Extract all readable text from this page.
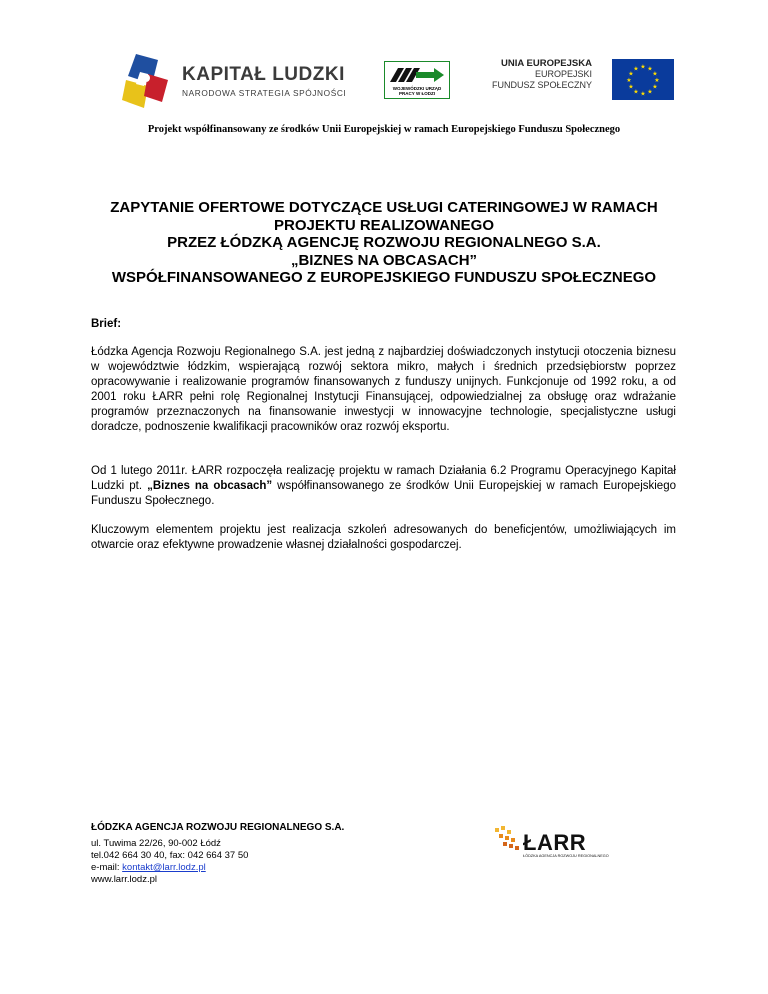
KAPITAŁ LUDZKI
NARODOWA STRATEGIA SPÓJNOŚCI	WOJEWÓDZKI URZĄD PRACY W ŁODZI
UNIA EUROPEJSKA
EUROPEJSKI
FUNDUSZ SPOŁECZNY
★ ★
★
★
★
★
★
★
★
★
★
★
Projekt współfinansowany ze środków Unii Europejskiej w ramach Europejskiego Funduszu Społecznego
ZAPYTANIE OFERTOWE DOTYCZĄCE USŁUGI CATERINGOWEJ W RAMACH
PROJEKTU REALIZOWANEGO
PRZEZ ŁÓDZKĄ AGENCJĘ ROZWOJU REGIONALNEGO S.A.
„BIZNES NA OBCASACH”
WSPÓŁFINANSOWANEGO Z EUROPEJSKIEGO FUNDUSZU SPOŁECZNEGO
Brief:
Łódzka Agencja Rozwoju Regionalnego S.A. jest jedną z najbardziej doświadczonych instytucji otoczenia biznesu w województwie łódzkim, wspierającą rozwój sektora mikro, małych i średnich przedsiębiorstw poprzez opracowywanie i realizowanie programów finansowanych z funduszy unijnych. Funkcjonuje od 1992 roku, a od 2001 roku ŁARR pełni rolę Regionalnej Instytucji Finansującej, odpowiedzialnej za obsługę oraz wdrażanie programów przeznaczonych na finansowanie inwestycji w innowacyjne technologie, specjalistyczne usługi doradcze, podnoszenie kwalifikacji pracowników oraz rozwój eksportu.
Od 1 lutego 2011r. ŁARR rozpoczęła realizację projektu w ramach Działania 6.2 Programu Operacyjnego Kapitał Ludzki pt. „Biznes na obcasach” współfinansowanego ze środków Unii Europejskiej w ramach Europejskiego Funduszu Społecznego.
Kluczowym elementem projektu jest realizacja szkoleń adresowanych do beneficjentów, umożliwiających im otwarcie oraz efektywne prowadzenie własnej działalności gospodarczej.
ŁÓDZKA AGENCJA ROZWOJU REGIONALNEGO S.A.
ul. Tuwima 22/26, 90-002 Łódź
tel.042 664 30 40, fax: 042 664 37 50
e-mail: kontakt@larr.lodz.pl
www.larr.lodz.pl
ŁARR
ŁÓDZKA AGENCJA ROZWOJU REGIONALNEGO
